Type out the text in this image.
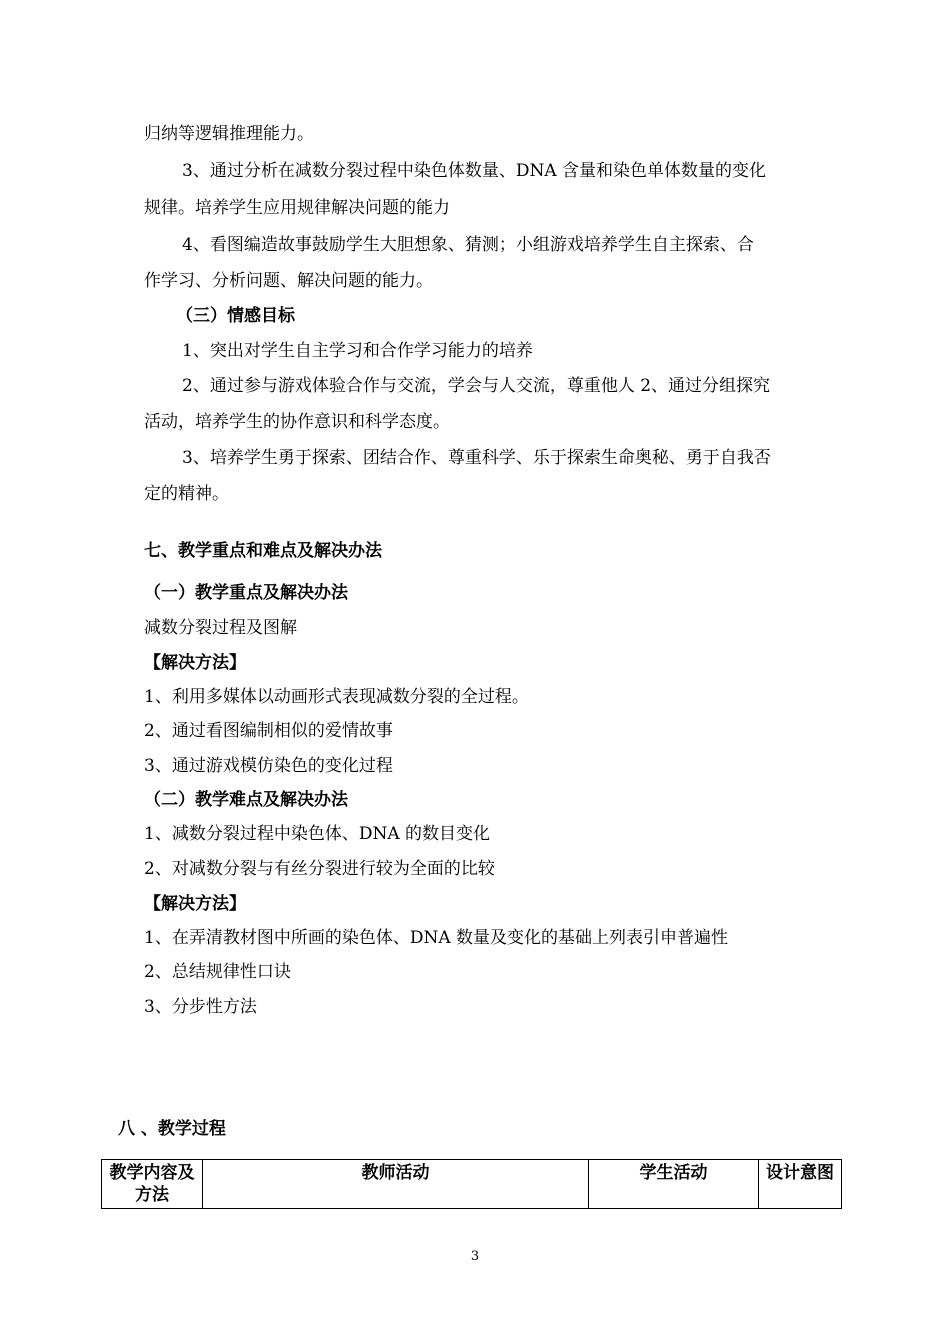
归纳等逻辑推理能力。
3、通过分析在减数分裂过程中染色体数量、DNA 含量和染色单体数量的变化
规律。培养学生应用规律解决问题的能力
4、看图编造故事鼓励学生大胆想象、猜测；小组游戏培养学生自主探索、合
作学习、分析问题、解决问题的能力。
（三）情感目标
1、突出对学生自主学习和合作学习能力的培养
2、通过参与游戏体验合作与交流，学会与人交流，尊重他人 2、通过分组探究
活动，培养学生的协作意识和科学态度。
3、培养学生勇于探索、团结合作、尊重科学、乐于探索生命奥秘、勇于自我否
定的精神。
七、教学重点和难点及解决办法
（一）教学重点及解决办法
减数分裂过程及图解
【解决方法】
1、利用多媒体以动画形式表现减数分裂的全过程。
2、通过看图编制相似的爱情故事
3、通过游戏模仿染色的变化过程
（二）教学难点及解决办法
1、减数分裂过程中染色体、DNA 的数目变化
2、对减数分裂与有丝分裂进行较为全面的比较
【解决方法】
1、在弄清教材图中所画的染色体、DNA 数量及变化的基础上列表引申普遍性
2、总结规律性口诀
3、分步性方法
八 、教学过程
教学内容及方法	教师活动	学生活动	设计意图
3
